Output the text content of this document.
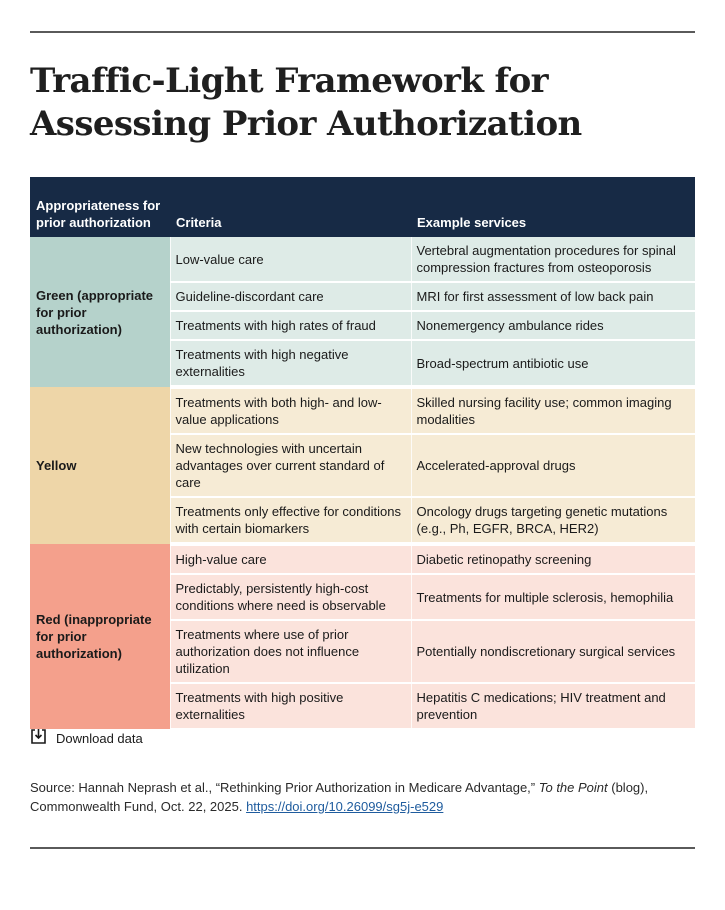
Traffic-Light Framework for Assessing Prior Authorization
Appropriateness for prior authorization	Criteria	Example services
Green (appropriate for prior authorization)	Low-value care	Vertebral augmentation procedures for spinal compression fractures from osteoporosis
	Guideline-discordant care	MRI for first assessment of low back pain
	Treatments with high rates of fraud	Nonemergency ambulance rides
	Treatments with high negative externalities	Broad-spectrum antibiotic use
Yellow	Treatments with both high- and low-value applications	Skilled nursing facility use; common imaging modalities
	New technologies with uncertain advantages over current standard of care	Accelerated-approval drugs
	Treatments only effective for conditions with certain biomarkers	Oncology drugs targeting genetic mutations (e.g., Ph, EGFR, BRCA, HER2)
Red (inappropriate for prior authorization)	High-value care	Diabetic retinopathy screening
	Predictably, persistently high-cost conditions where need is observable	Treatments for multiple sclerosis, hemophilia
	Treatments where use of prior authorization does not influence utilization	Potentially nondiscretionary surgical services
	Treatments with high positive externalities	Hepatitis C medications; HIV treatment and prevention
Download data

Source: Hannah Neprash et al., “Rethinking Prior Authorization in Medicare Advantage,” To the Point (blog), Commonwealth Fund, Oct. 22, 2025. https://doi.org/10.26099/sg5j-e529
